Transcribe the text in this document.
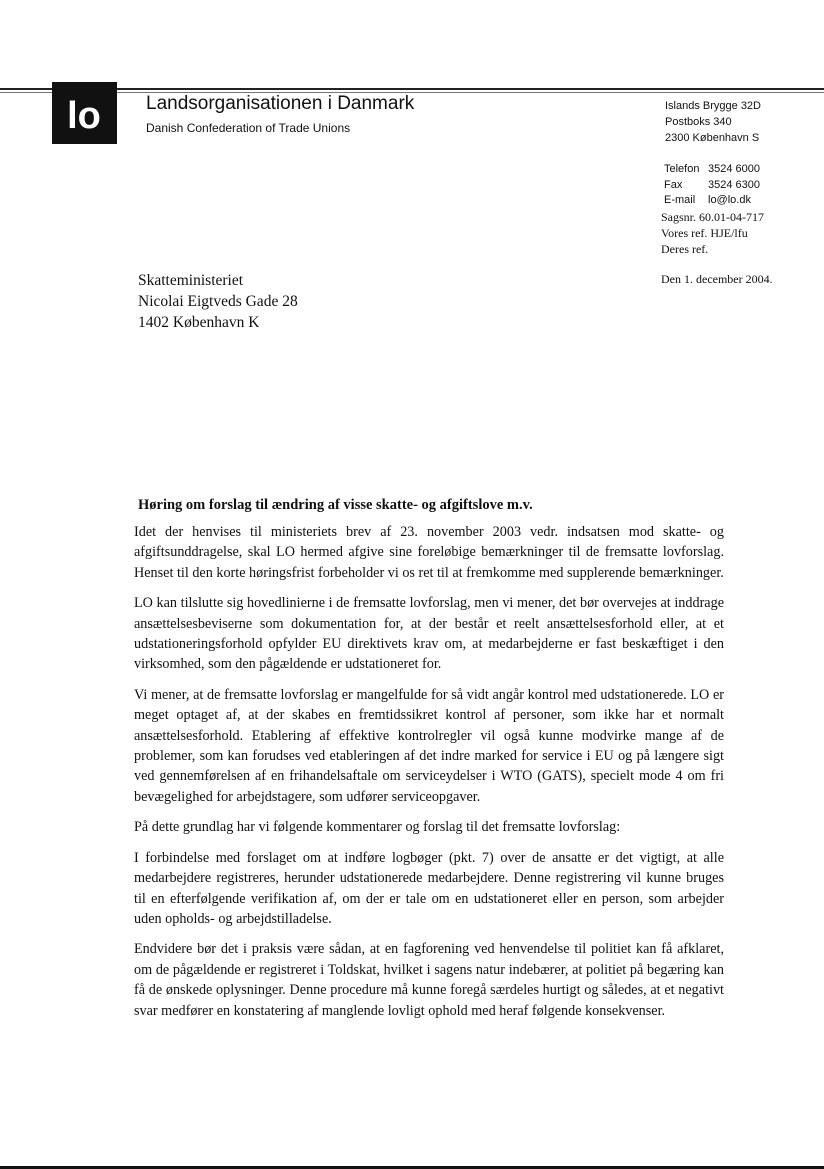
lo Landsorganisationen i Danmark
Danish Confederation of Trade Unions
Islands Brygge 32D
Postboks 340
2300 København S
Telefon 3524 6000
Fax	3524 6300
E-mail	lo@lo.dk
Sagsnr. 60.01-04-717
Vores ref. HJE/lfu
Deres ref.
Den 1. december 2004.
Skatteministeriet
Nicolai Eigtveds Gade 28
1402 København K
Høring om forslag til ændring af visse skatte- og afgiftslove m.v.

Idet der henvises til ministeriets brev af 23. november 2003 vedr. indsatsen mod skatte- og afgiftsunddragelse, skal LO hermed afgive sine foreløbige bemærkninger til de fremsatte lovforslag. Henset til den korte høringsfrist forbeholder vi os ret til at fremkomme med supplerende bemærkninger.

LO kan tilslutte sig hovedlinierne i de fremsatte lovforslag, men vi mener, det bør overvejes at inddrage ansættelsesbeviserne som dokumentation for, at der består et reelt ansættelsesforhold eller, at et udstationeringsforhold opfylder EU direktivets krav om, at medarbejderne er fast beskæftiget i den virksomhed, som den pågældende er udstationeret for.

Vi mener, at de fremsatte lovforslag er mangelfulde for så vidt angår kontrol med udstationerede. LO er meget optaget af, at der skabes en fremtidssikret kontrol af personer, som ikke har et normalt ansættelsesforhold. Etablering af effektive kontrolregler vil også kunne modvirke mange af de problemer, som kan forudses ved etableringen af det indre marked for service i EU og på længere sigt ved gennemførelsen af en frihandelsaftale om serviceydelser i WTO (GATS), specielt mode 4 om fri bevægelighed for arbejdstagere, som udfører serviceopgaver.

På dette grundlag har vi følgende kommentarer og forslag til det fremsatte lovforslag:

I forbindelse med forslaget om at indføre logbøger (pkt. 7) over de ansatte er det vigtigt, at alle medarbejdere registreres, herunder udstationerede medarbejdere. Denne registrering vil kunne bruges til en efterfølgende verifikation af, om der er tale om en udstationeret eller en person, som arbejder uden opholds- og arbejdstilladelse.

Endvidere bør det i praksis være sådan, at en fagforening ved henvendelse til politiet kan få afklaret, om de pågældende er registreret i Toldskat, hvilket i sagens natur indebærer, at politiet på begæring kan få de ønskede oplysninger. Denne procedure må kunne foregå særdeles hurtigt og således, at et negativt svar medfører en konstatering af manglende lovligt ophold med heraf følgende konsekvenser.
